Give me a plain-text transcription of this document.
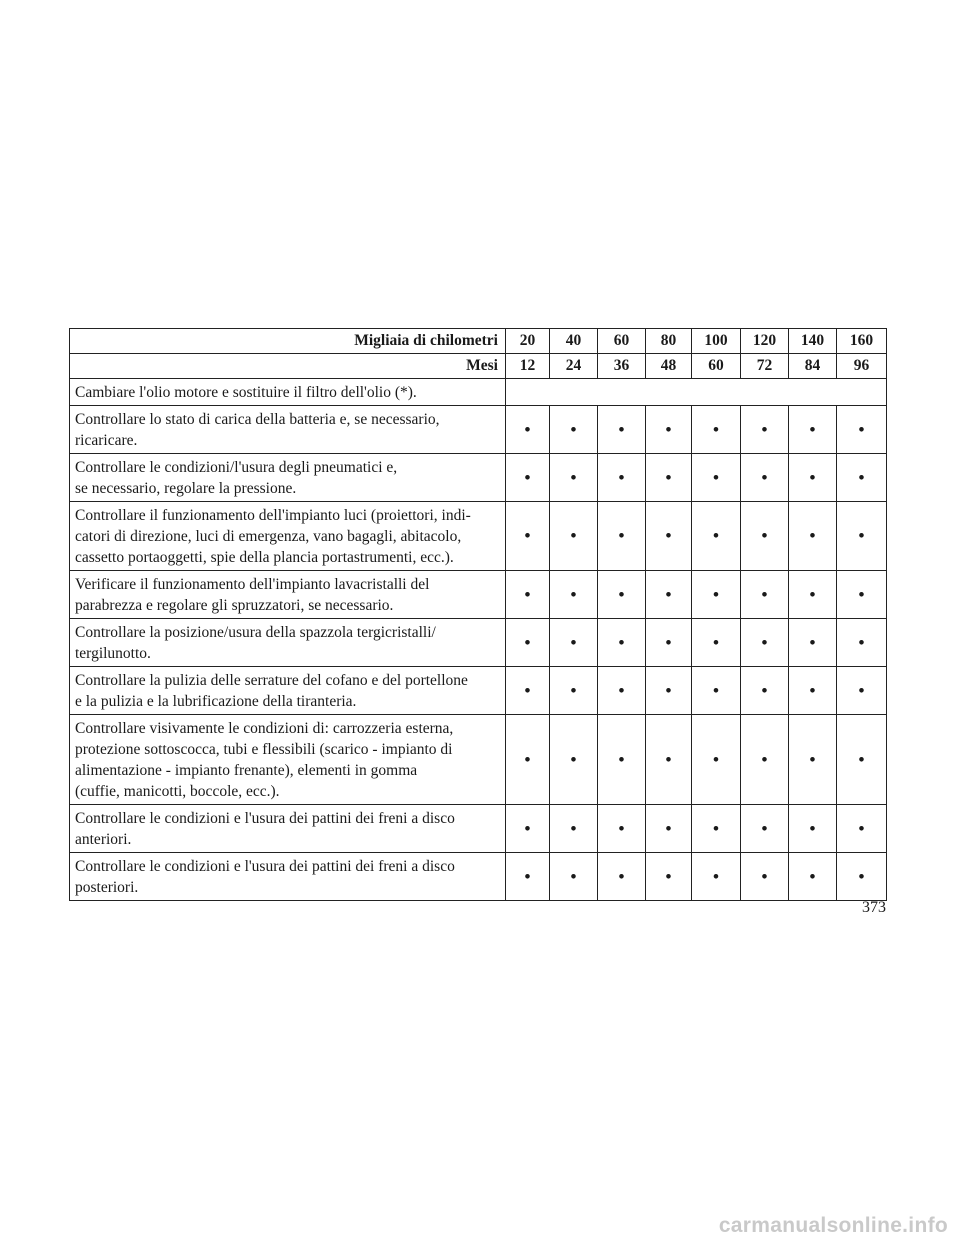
Migliaia di chilometri	20	40	60	80	100	120	140	160
Mesi	12	24	36	48	60	72	84	96
Cambiare l'olio motore e sostituire il filtro dell'olio (*).								
Controllare lo stato di carica della batteria e, se necessario,
ricaricare.	•	•	•	•	•	•	•	•
Controllare le condizioni/l'usura degli pneumatici e,
se necessario, regolare la pressione.	•	•	•	•	•	•	•	•
Controllare il funzionamento dell'impianto luci (proiettori, indi-
catori di direzione, luci di emergenza, vano bagagli, abitacolo,
cassetto portaoggetti, spie della plancia portastrumenti, ecc.).	•	•	•	•	•	•	•	•
Verificare il funzionamento dell'impianto lavacristalli del
parabrezza e regolare gli spruzzatori, se necessario.	•	•	•	•	•	•	•	•
Controllare la posizione/usura della spazzola tergicristalli/
tergilunotto.	•	•	•	•	•	•	•	•
Controllare la pulizia delle serrature del cofano e del portellone
e la pulizia e la lubrificazione della tiranteria.	•	•	•	•	•	•	•	•
Controllare visivamente le condizioni di: carrozzeria esterna,
protezione sottoscocca, tubi e flessibili (scarico - impianto di
alimentazione - impianto frenante), elementi in gomma
(cuffie, manicotti, boccole, ecc.).	•	•	•	•	•	•	•	•
Controllare le condizioni e l'usura dei pattini dei freni a disco
anteriori.	•	•	•	•	•	•	•	•
Controllare le condizioni e l'usura dei pattini dei freni a disco
posteriori.	•	•	•	•	•	•	•	•
373
carmanualsonline.info
